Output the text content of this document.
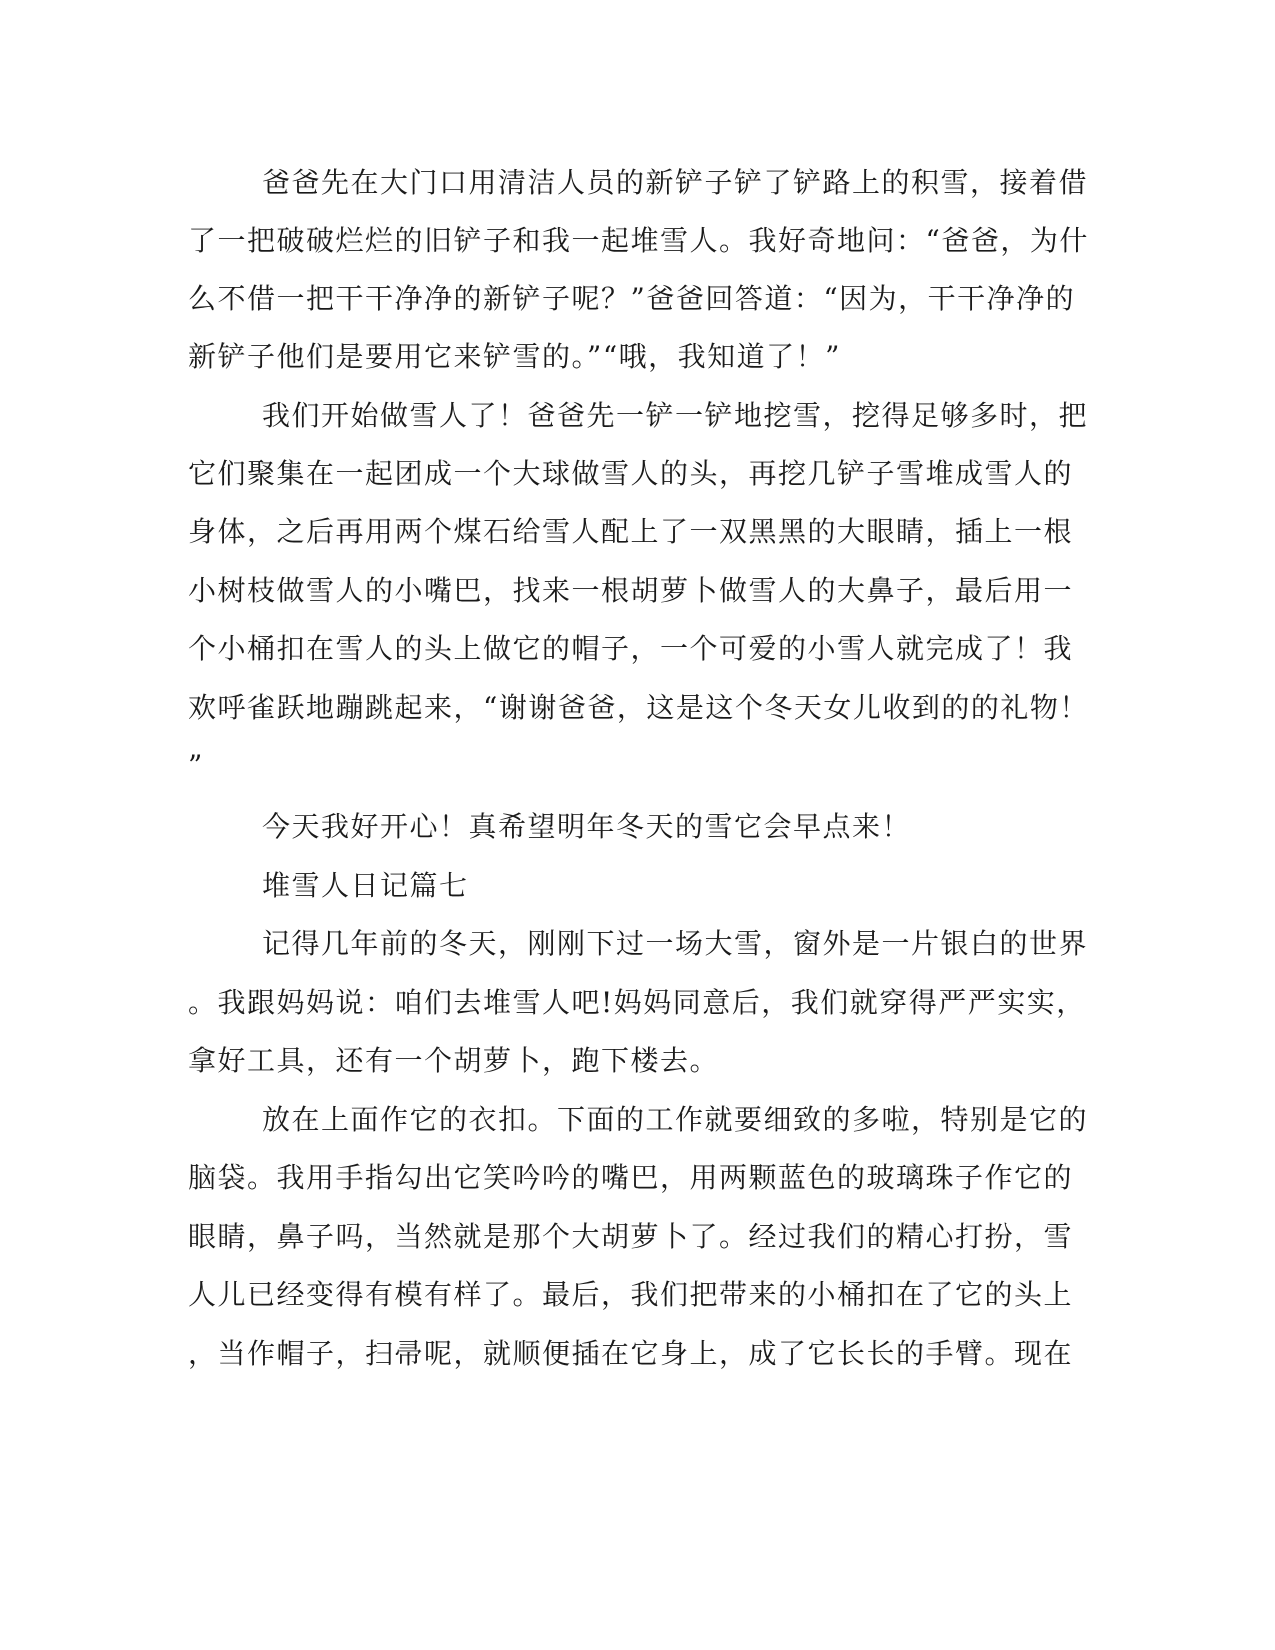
爸爸先在大门口用清洁人员的新铲子铲了铲路上的积雪，接着借
了一把破破烂烂的旧铲子和我一起堆雪人。我好奇地问：“爸爸，为什
么不借一把干干净净的新铲子呢？”爸爸回答道：“因为，干干净净的
新铲子他们是要用它来铲雪的。”“哦，我知道了！”
我们开始做雪人了！爸爸先一铲一铲地挖雪，挖得足够多时，把
它们聚集在一起团成一个大球做雪人的头，再挖几铲子雪堆成雪人的
身体，之后再用两个煤石给雪人配上了一双黑黑的大眼睛，插上一根
小树枝做雪人的小嘴巴，找来一根胡萝卜做雪人的大鼻子，最后用一
个小桶扣在雪人的头上做它的帽子，一个可爱的小雪人就完成了！我
欢呼雀跃地蹦跳起来，“谢谢爸爸，这是这个冬天女儿收到的的礼物！
”
今天我好开心！真希望明年冬天的雪它会早点来！
堆雪人日记篇七
记得几年前的冬天，刚刚下过一场大雪，窗外是一片银白的世界
。我跟妈妈说：咱们去堆雪人吧!妈妈同意后，我们就穿得严严实实，
拿好工具，还有一个胡萝卜，跑下楼去。
放在上面作它的衣扣。下面的工作就要细致的多啦，特别是它的
脑袋。我用手指勾出它笑吟吟的嘴巴，用两颗蓝色的玻璃珠子作它的
眼睛，鼻子吗，当然就是那个大胡萝卜了。经过我们的精心打扮，雪
人儿已经变得有模有样了。最后，我们把带来的小桶扣在了它的头上
，当作帽子，扫帚呢，就顺便插在它身上，成了它长长的手臂。现在
